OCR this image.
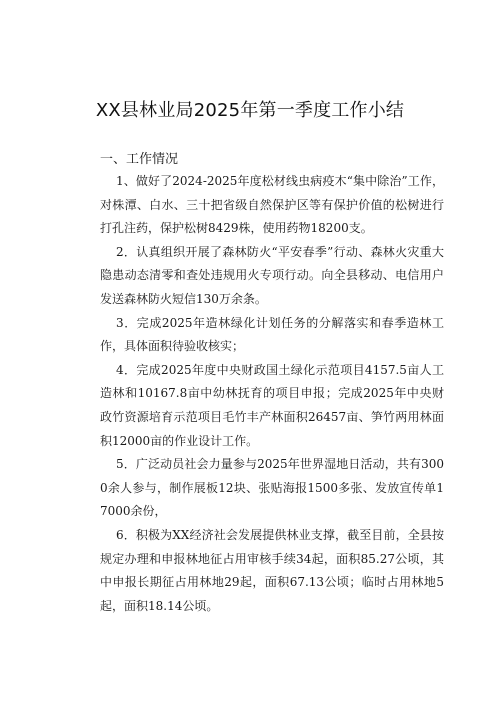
XX县林业局2025年第一季度工作小结
一、工作情况

1、做好了2024-2025年度松材线虫病疫木“集中除治”工作，对株潭、白水、三十把省级自然保护区等有保护价值的松树进行打孔注药，保护松树8429株，使用药物18200支。

2．认真组织开展了森林防火“平安春季”行动、森林火灾重大隐患动态清零和查处违规用火专项行动。向全县移动、电信用户发送森林防火短信130万余条。

3．完成2025年造林绿化计划任务的分解落实和春季造林工作，具体面积待验收核实；

4．完成2025年度中央财政国土绿化示范项目4157.5亩人工造林和10167.8亩中幼林抚育的项目申报；完成2025年中央财政竹资源培育示范项目毛竹丰产林面积26457亩、笋竹两用林面积12000亩的作业设计工作。

5．广泛动员社会力量参与2025年世界湿地日活动，共有3000余人参与，制作展板12块、张贴海报1500多张、发放宣传单17000余份，

6．积极为XX经济社会发展提供林业支撑，截至目前，全县按规定办理和申报林地征占用审核手续34起，面积85.27公顷，其中申报长期征占用林地29起，面积67.13公顷；临时占用林地5起，面积18.14公顷。
